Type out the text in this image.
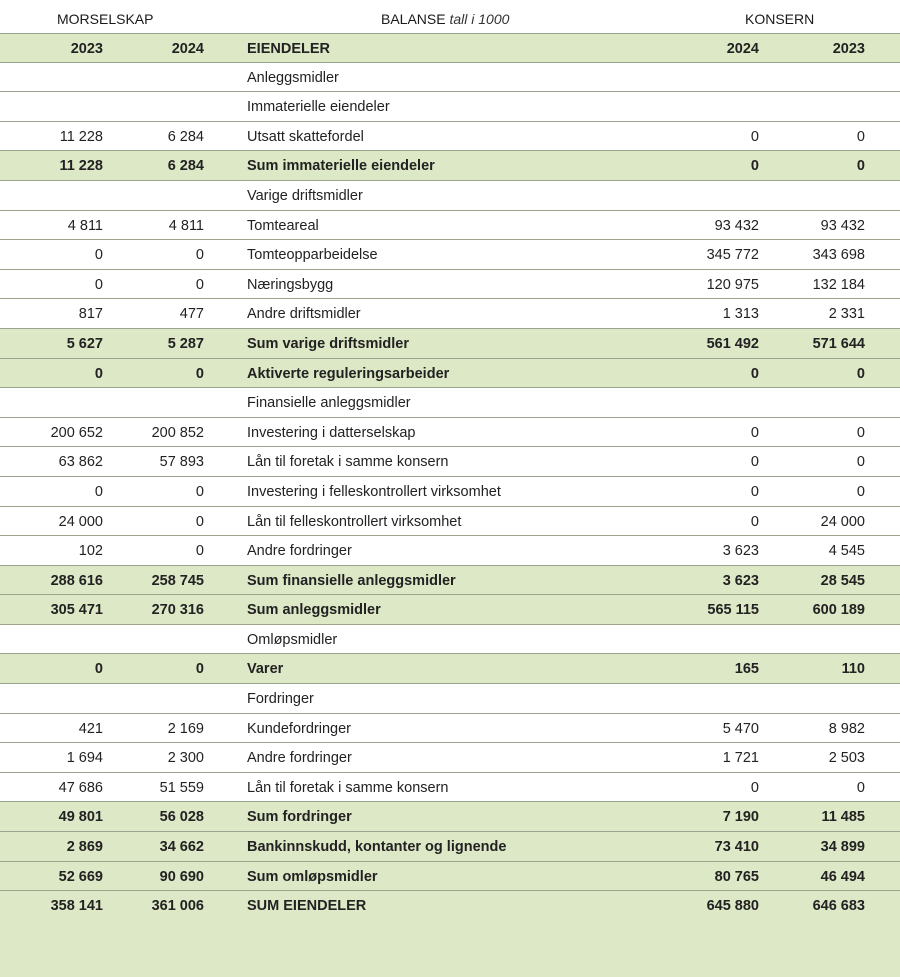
MORSELSKAP	BALANSE tall i 1000	KONSERN
2023	2024	EIENDELER	2024	2023
Anleggsmidler
Immaterielle eiendeler
11 228	6 284	Utsatt skattefordel	0	0
11 228	6 284	Sum immaterielle eiendeler	0	0
Varige driftsmidler
4 811	4 811	Tomteareal	93 432	93 432
0	0	Tomteopparbeidelse	345 772	343 698
0	0	Næringsbygg	120 975	132 184
817	477	Andre driftsmidler	1 313	2 331
5 627	5 287	Sum varige driftsmidler	561 492	571 644
0	0	Aktiverte reguleringsarbeider	0	0
Finansielle anleggsmidler
200 652	200 852	Investering i datterselskap	0	0
63 862	57 893	Lån til foretak i samme konsern	0	0
0	0	Investering i felleskontrollert virksomhet	0	0
24 000	0	Lån til felleskontrollert virksomhet	0	24 000
102	0	Andre fordringer	3 623	4 545
288 616	258 745	Sum finansielle anleggsmidler	3 623	28 545
305 471	270 316	Sum anleggsmidler	565 115	600 189
Omløpsmidler
0	0	Varer	165	110
Fordringer
421	2 169	Kundefordringer	5 470	8 982
1 694	2 300	Andre fordringer	1 721	2 503
47 686	51 559	Lån til foretak i samme konsern	0	0
49 801	56 028	Sum fordringer	7 190	11 485
2 869	34 662	Bankinnskudd, kontanter og lignende	73 410	34 899
52 669	90 690	Sum omløpsmidler	80 765	46 494
358 141	361 006	SUM EIENDELER	645 880	646 683
